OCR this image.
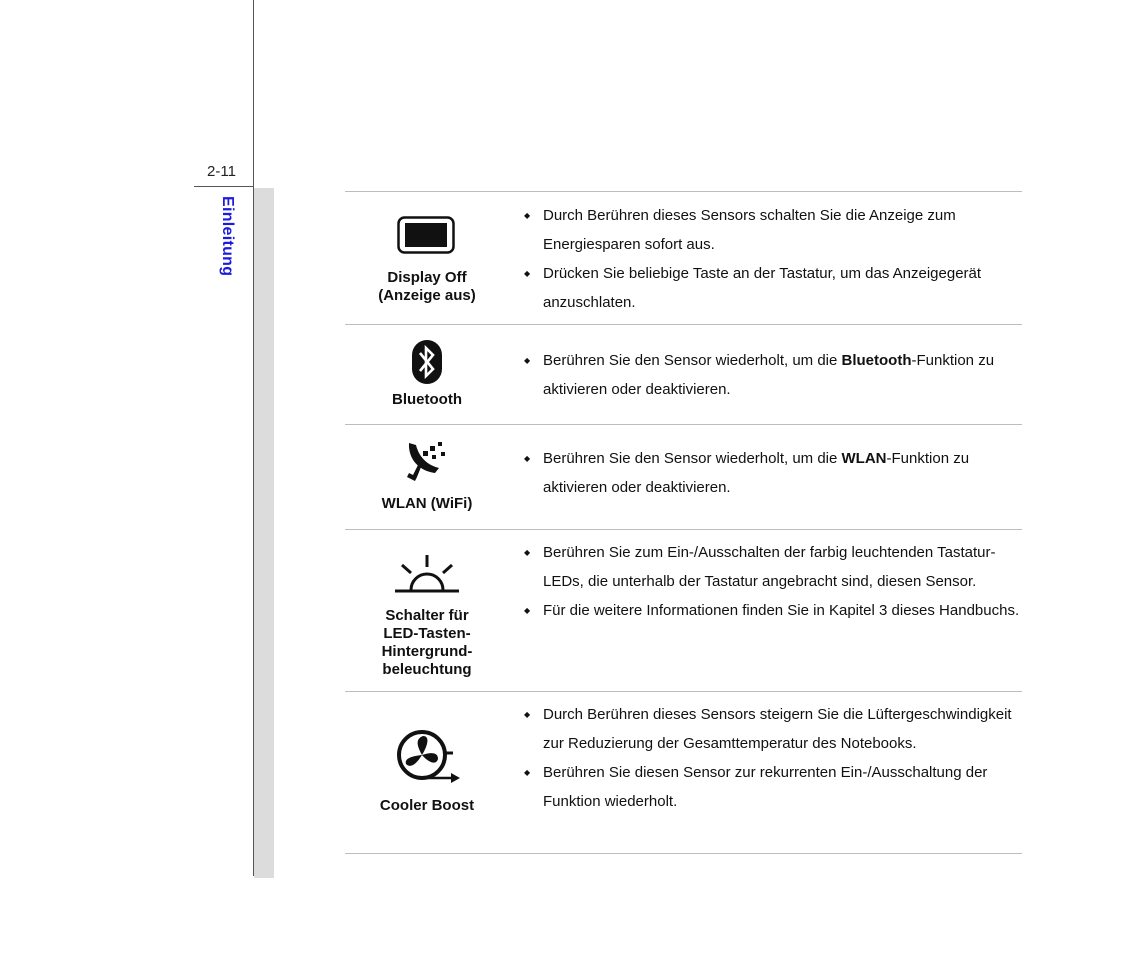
2-11
Einleitung
Display Off
(Anzeige aus)
◆ Durch Berühren dieses Sensors schalten Sie die Anzeige zum Energiesparen sofort aus.
◆ Drücken Sie beliebige Taste an der Tastatur, um das Anzeigegerät anzuschlaten.
Bluetooth
◆ Berühren Sie den Sensor wiederholt, um die Bluetooth-Funktion zu aktivieren oder deaktivieren.
WLAN (WiFi)
◆ Berühren Sie den Sensor wiederholt, um die WLAN-Funktion zu aktivieren oder deaktivieren.
Schalter für
LED-Tasten-
Hintergrund-
beleuchtung
◆ Berühren Sie zum Ein-/Ausschalten der farbig leuchtenden Tastatur-LEDs, die unterhalb der Tastatur angebracht sind, diesen Sensor.
◆ Für die weitere Informationen finden Sie in Kapitel 3 dieses Handbuchs.
Cooler Boost
◆ Durch Berühren dieses Sensors steigern Sie die Lüftergeschwindigkeit zur Reduzierung der Gesamttemperatur des Notebooks.
◆ Berühren Sie diesen Sensor zur rekurrenten Ein-/Ausschaltung der Funktion wiederholt.
